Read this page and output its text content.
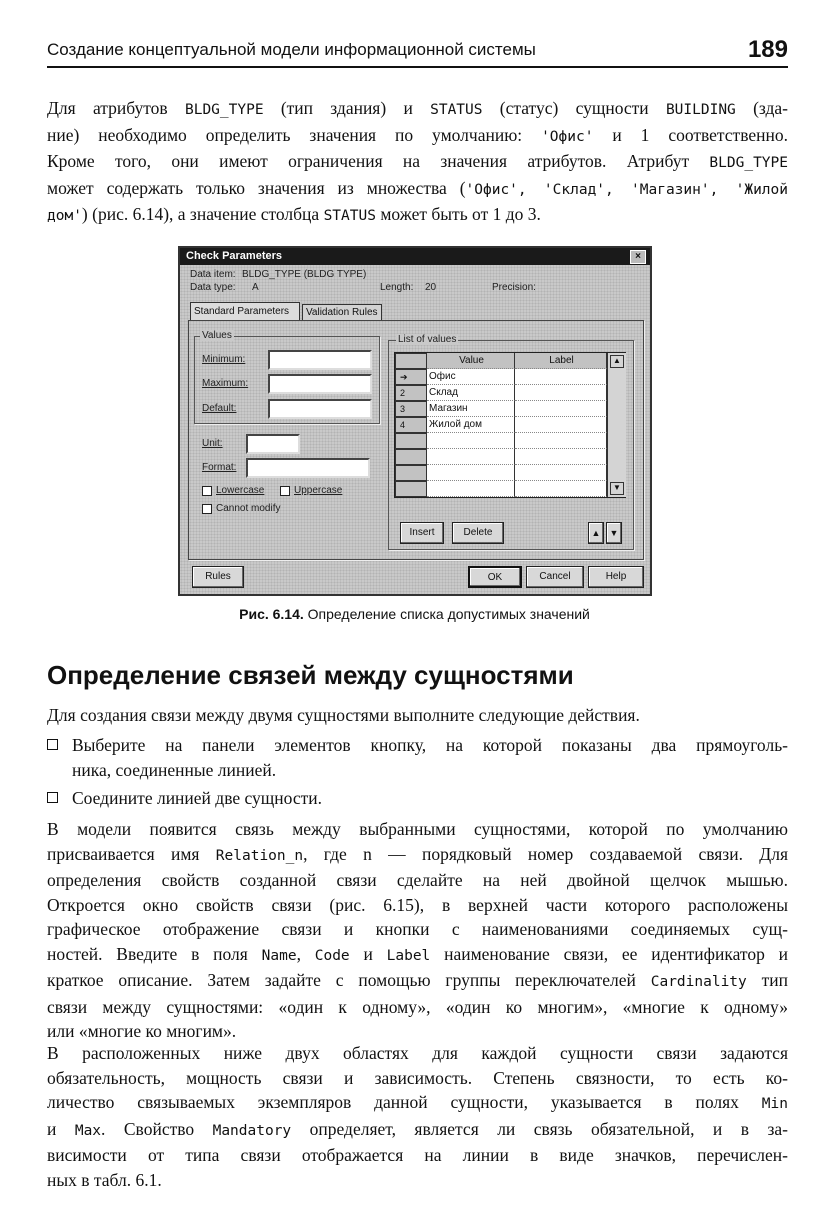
Создание концептуальной модели информационной системы	189
Для атрибутов BLDG_TYPE (тип здания) и STATUS (статус) сущности BUILDING (зда-
ние) необходимо определить значения по умолчанию: 'Офис' и 1 соответственно.
Кроме того, они имеют ограничения на значения атрибутов. Атрибут BLDG_TYPE
может содержать только значения из множества ('Офис', 'Склад', 'Магазин', 'Жилой
дом') (рис. 6.14), а значение столбца STATUS может быть от 1 до 3.
Check Parameters	×
Data item: BLDG_TYPE (BLDG TYPE)
Data type: A	Length: 20	Precision:
Standard Parameters	Validation Rules
Values
Minimum:
Maximum:
Default:
Unit:
Format:
Lowercase	Uppercase
Cannot modify
List of values
Value	Label	▲
▼
➔	Офис
2	Склад
3	Магазин
4	Жилой дом
Insert	Delete	▲	▼
Rules	OK	Cancel	Help
Рис. 6.14. Определение списка допустимых значений
Определение связей между сущностями

Для создания связи между двумя сущностями выполните следующие действия.

Выберите на панели элементов кнопку, на которой показаны два прямоуголь-
ника, соединенные линией.
Соедините линией две сущности.
В модели появится связь между выбранными сущностями, которой по умолчанию
присваивается имя Relation_n, где n — порядковый номер создаваемой связи. Для
определения свойств созданной связи сделайте на ней двойной щелчок мышью.
Откроется окно свойств связи (рис. 6.15), в верхней части которого расположены
графическое отображение связи и кнопки с наименованиями соединяемых сущ-
ностей. Введите в поля Name, Code и Label наименование связи, ее идентификатор и
краткое описание. Затем задайте с помощью группы переключателей Cardinality тип
связи между сущностями: «один к одному», «один ко многим», «многие к одному»
или «многие ко многим».
В расположенных ниже двух областях для каждой сущности связи задаются
обязательность, мощность связи и зависимость. Степень связности, то есть ко-
личество связываемых экземпляров данной сущности, указывается в полях Min
и Max. Свойство Mandatory определяет, является ли связь обязательной, и в за-
висимости от типа связи отображается на линии в виде значков, перечислен-
ных в табл. 6.1.
